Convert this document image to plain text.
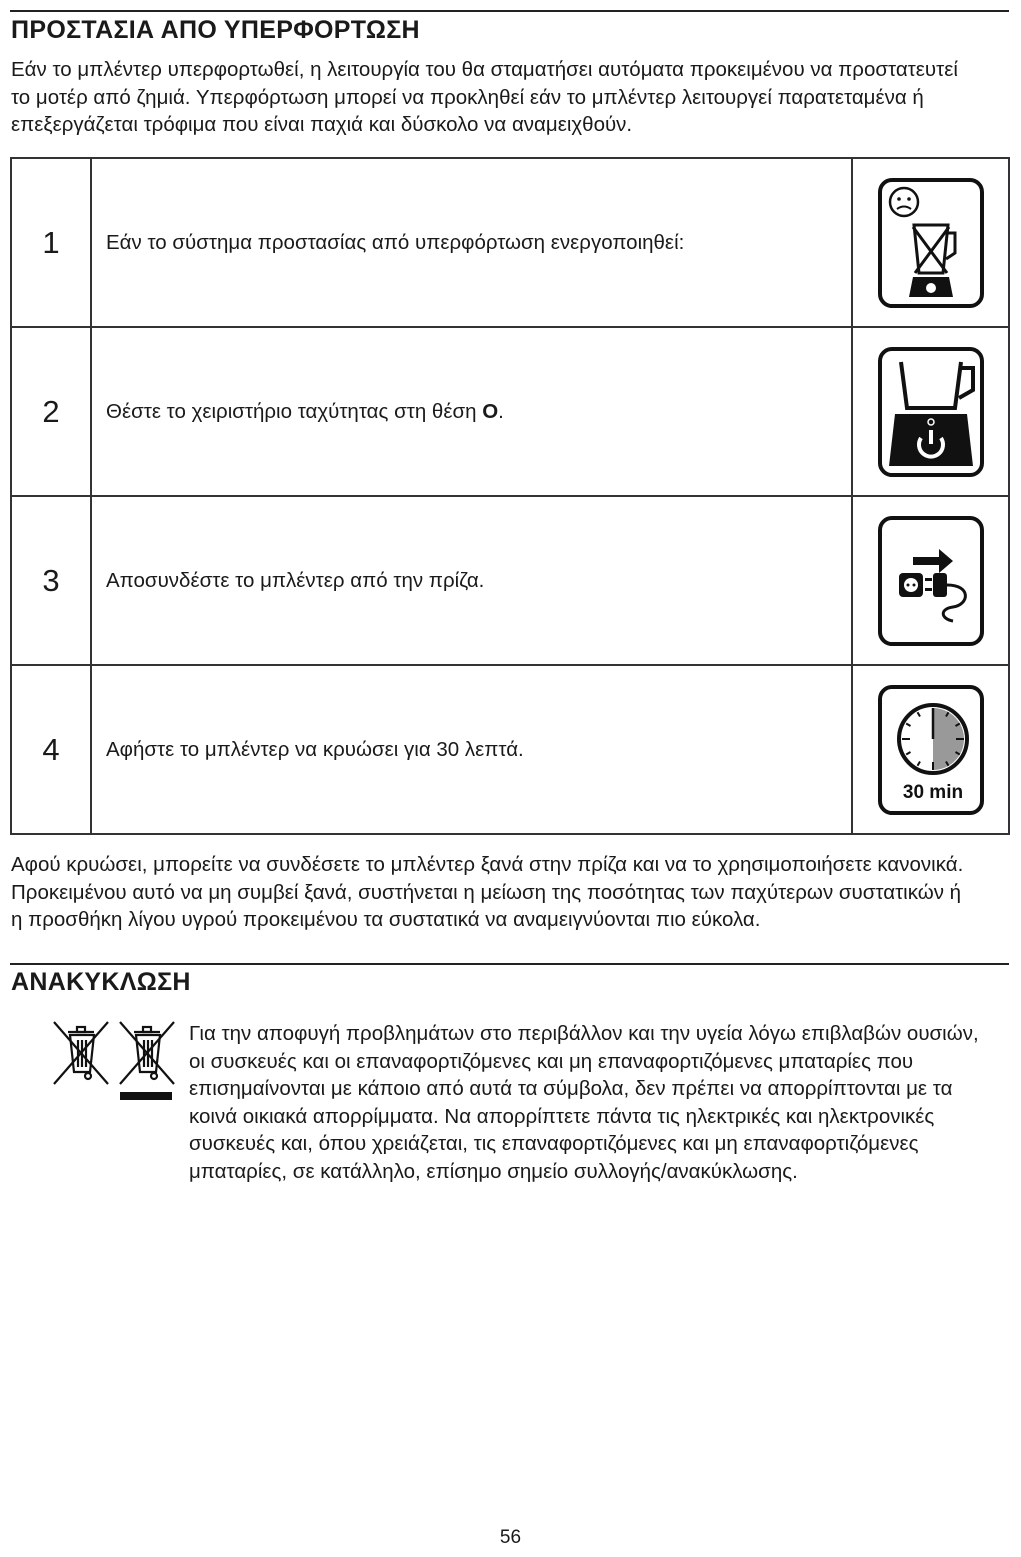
ΠΡΟΣΤΑΣΙΑ ΑΠΟ ΥΠΕΡΦΟΡΤΩΣΗ

Εάν το μπλέντερ υπερφορτωθεί, η λειτουργία του θα σταματήσει αυτόματα προκειμένου να προστατευτεί
το μοτέρ από ζημιά. Υπερφόρτωση μπορεί να προκληθεί εάν το μπλέντερ λειτουργεί παρατεταμένα ή
επεξεργάζεται τρόφιμα που είναι παχιά και δύσκολο να αναμειχθούν.

1	Εάν το σύστημα προστασίας από υπερφόρτωση ενεργοποιηθεί:	

2	Θέστε το χειριστήριο ταχύτητας στη θέση O.	

3	Αποσυνδέστε το μπλέντερ από την πρίζα.	

4	Αφήστε το μπλέντερ να κρυώσει για 30 λεπτά.	30 min

Αφού κρυώσει, μπορείτε να συνδέσετε το μπλέντερ ξανά στην πρίζα και να το χρησιμοποιήσετε κανονικά.
Προκειμένου αυτό να μη συμβεί ξανά, συστήνεται η μείωση της ποσότητας των παχύτερων συστατικών ή
η προσθήκη λίγου υγρού προκειμένου τα συστατικά να αναμειγνύονται πιο εύκολα.

ΑΝΑΚΥΚΛΩΣΗ

Για την αποφυγή προβλημάτων στο περιβάλλον και την υγεία λόγω επιβλαβών ουσιών,
οι συσκευές και οι επαναφορτιζόμενες και μη επαναφορτιζόμενες μπαταρίες που
επισημαίνονται με κάποιο από αυτά τα σύμβολα, δεν πρέπει να απορρίπτονται με τα
κοινά οικιακά απορρίμματα. Να απορρίπτετε πάντα τις ηλεκτρικές και ηλεκτρονικές
συσκευές και, όπου χρειάζεται, τις επαναφορτιζόμενες και μη επαναφορτιζόμενες
μπαταρίες, σε κατάλληλο, επίσημο σημείο συλλογής/ανακύκλωσης.

56
